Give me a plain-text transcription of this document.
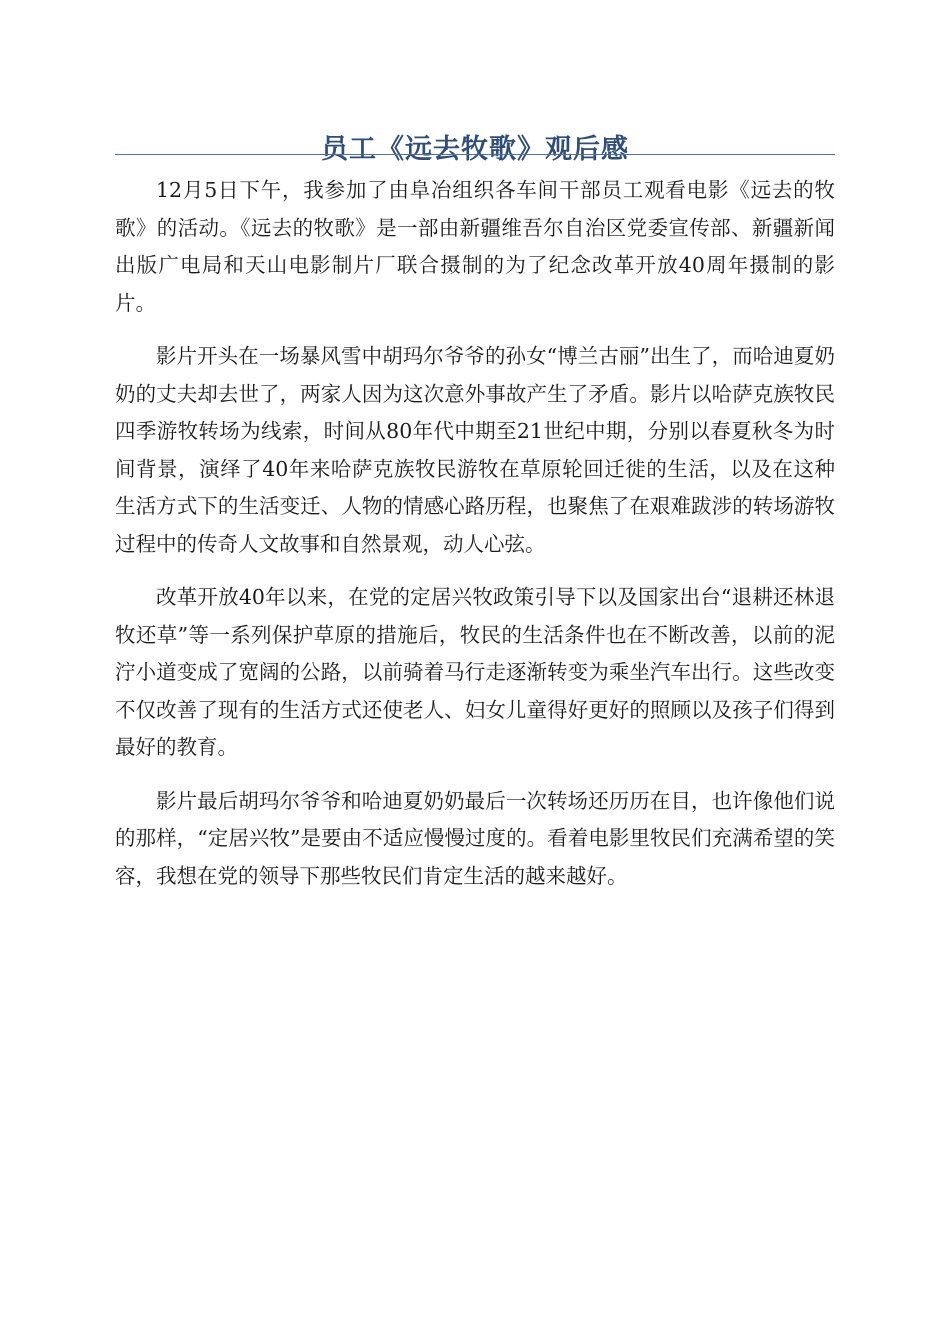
员工《远去牧歌》观后感

12月5日下午，我参加了由阜冶组织各车间干部员工观看电影《远去的牧歌》的活动。《远去的牧歌》是一部由新疆维吾尔自治区党委宣传部、新疆新闻出版广电局和天山电影制片厂联合摄制的为了纪念改革开放40周年摄制的影片。

影片开头在一场暴风雪中胡玛尔爷爷的孙女“博兰古丽”出生了，而哈迪夏奶奶的丈夫却去世了，两家人因为这次意外事故产生了矛盾。影片以哈萨克族牧民四季游牧转场为线索，时间从80年代中期至21世纪中期，分别以春夏秋冬为时间背景，演绎了40年来哈萨克族牧民游牧在草原轮回迁徙的生活，以及在这种生活方式下的生活变迁、人物的情感心路历程，也聚焦了在艰难跋涉的转场游牧过程中的传奇人文故事和自然景观，动人心弦。

改革开放40年以来，在党的定居兴牧政策引导下以及国家出台“退耕还林退牧还草”等一系列保护草原的措施后，牧民的生活条件也在不断改善，以前的泥泞小道变成了宽阔的公路，以前骑着马行走逐渐转变为乘坐汽车出行。这些改变不仅改善了现有的生活方式还使老人、妇女儿童得好更好的照顾以及孩子们得到最好的教育。

影片最后胡玛尔爷爷和哈迪夏奶奶最后一次转场还历历在目，也许像他们说的那样，“定居兴牧”是要由不适应慢慢过度的。看着电影里牧民们充满希望的笑容，我想在党的领导下那些牧民们肯定生活的越来越好。
